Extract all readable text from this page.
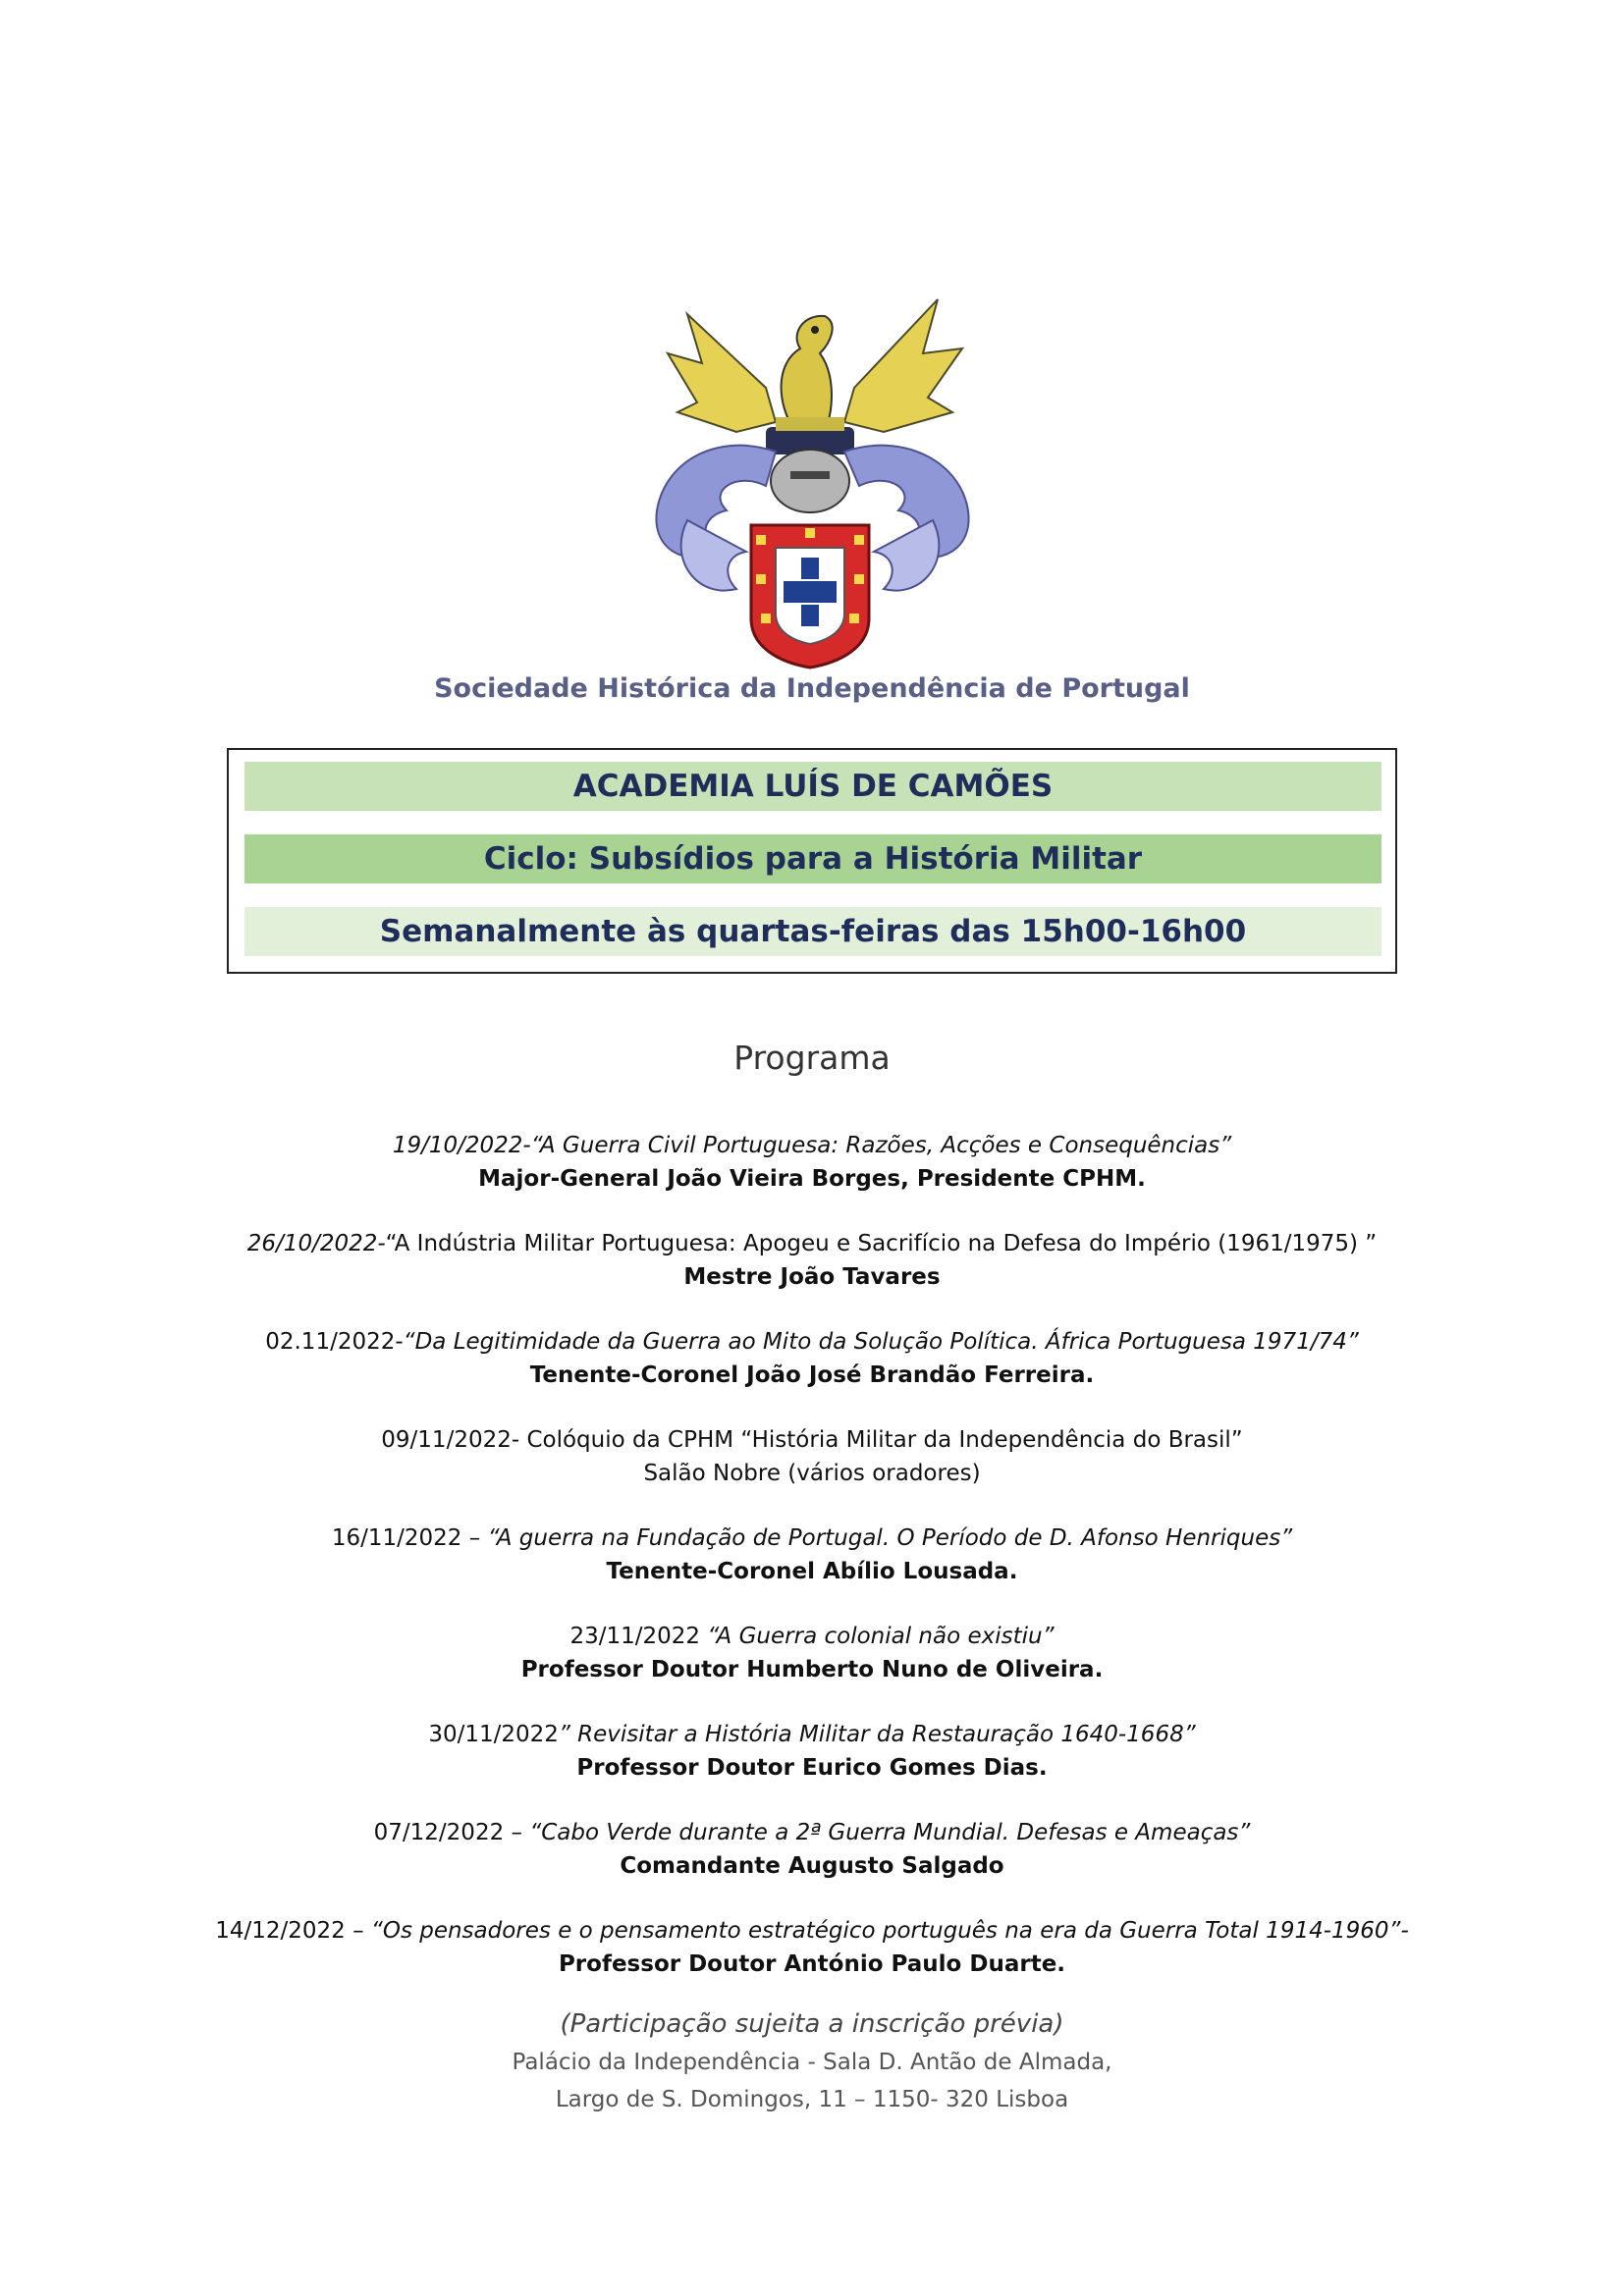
Sociedade Histórica da Independência de Portugal
ACADEMIA LUÍS DE CAMÕES
Ciclo: Subsídios para a História Militar
Semanalmente às quartas-feiras das 15h00-16h00
Programa
19/10/2022-“A Guerra Civil Portuguesa: Razões, Acções e Consequências”
Major-General João Vieira Borges, Presidente CPHM.
26/10/2022-“A Indústria Militar Portuguesa: Apogeu e Sacrifício na Defesa do Império (1961/1975) ”
Mestre João Tavares
02.11/2022-“Da Legitimidade da Guerra ao Mito da Solução Política. África Portuguesa 1971/74”
Tenente-Coronel João José Brandão Ferreira.
09/11/2022- Colóquio da CPHM “História Militar da Independência do Brasil”
Salão Nobre (vários oradores)
16/11/2022 – “A guerra na Fundação de Portugal. O Período de D. Afonso Henriques”
Tenente-Coronel Abílio Lousada.
23/11/2022 “A Guerra colonial não existiu”
Professor Doutor Humberto Nuno de Oliveira.
30/11/2022” Revisitar a História Militar da Restauração 1640-1668”
Professor Doutor Eurico Gomes Dias.
07/12/2022 – “Cabo Verde durante a 2ª Guerra Mundial. Defesas e Ameaças”
Comandante Augusto Salgado
14/12/2022 – “Os pensadores e o pensamento estratégico português na era da Guerra Total 1914-1960”-
Professor Doutor António Paulo Duarte.
(Participação sujeita a inscrição prévia)
Palácio da Independência - Sala D. Antão de Almada,
Largo de S. Domingos, 11 – 1150- 320 Lisboa
